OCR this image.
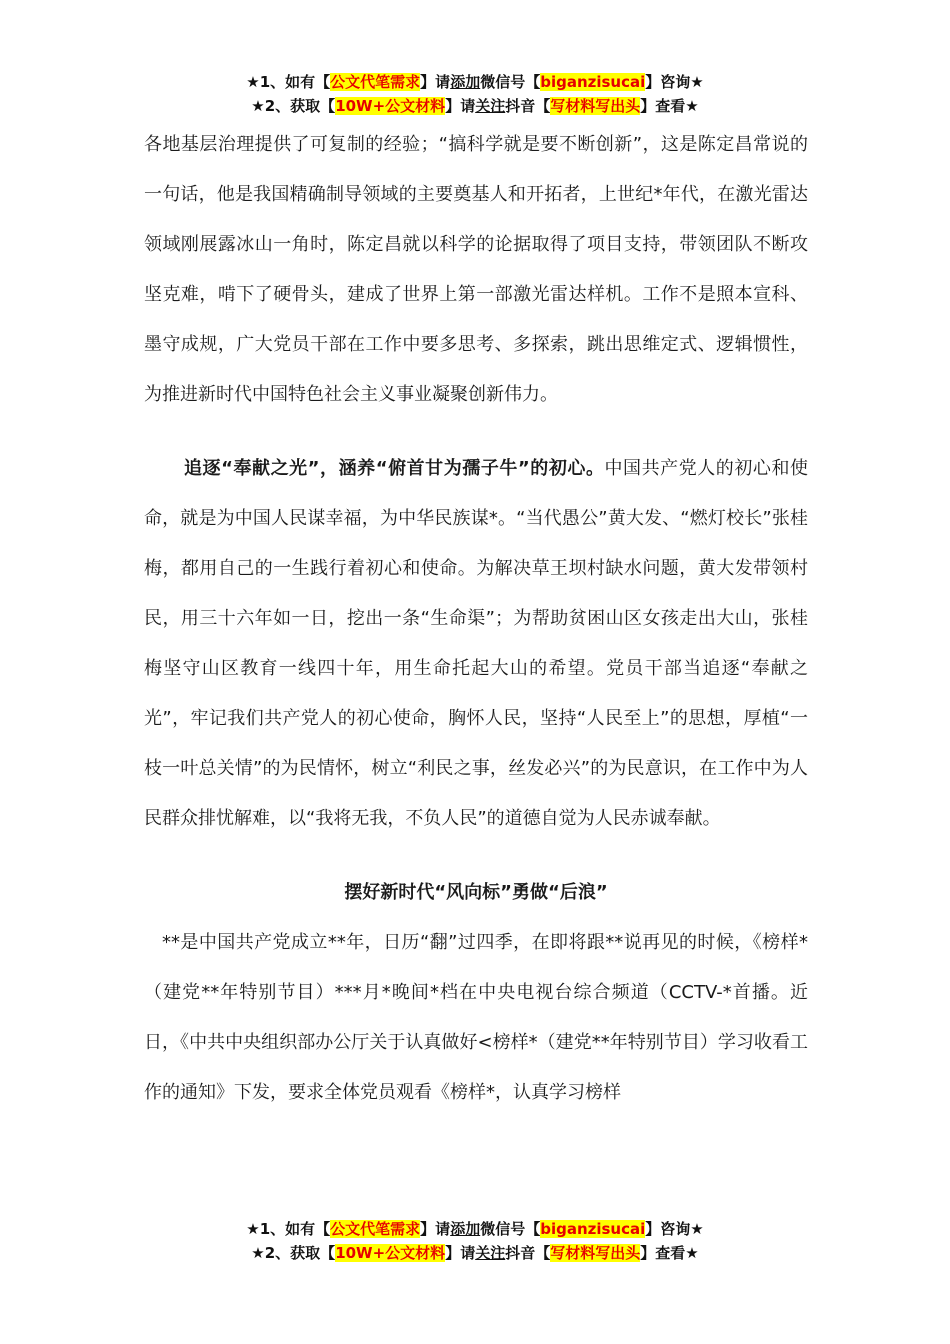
★1、如有【公文代笔需求】请添加微信号【biganzisucai】咨询★
★2、获取【10W+公文材料】请关注抖音【写材料写出头】查看★

各地基层治理提供了可复制的经验；“搞科学就是要不断创新”，这是陈定昌常说的一句话，他是我国精确制导领域的主要奠基人和开拓者，上世纪*年代，在激光雷达领域刚展露冰山一角时，陈定昌就以科学的论据取得了项目支持，带领团队不断攻坚克难，啃下了硬骨头，建成了世界上第一部激光雷达样机。工作不是照本宣科、墨守成规，广大党员干部在工作中要多思考、多探索，跳出思维定式、逻辑惯性，为推进新时代中国特色社会主义事业凝聚创新伟力。

追逐“奉献之光”，涵养“俯首甘为孺子牛”的初心。中国共产党人的初心和使命，就是为中国人民谋幸福，为中华民族谋*。“当代愚公”黄大发、“燃灯校长”张桂梅，都用自己的一生践行着初心和使命。为解决草王坝村缺水问题，黄大发带领村民，用三十六年如一日，挖出一条“生命渠”；为帮助贫困山区女孩走出大山，张桂梅坚守山区教育一线四十年，用生命托起大山的希望。党员干部当追逐“奉献之光”，牢记我们共产党人的初心使命，胸怀人民，坚持“人民至上”的思想，厚植“一枝一叶总关情”的为民情怀，树立“利民之事，丝发必兴”的为民意识，在工作中为人民群众排忧解难，以“我将无我，不负人民”的道德自觉为人民赤诚奉献。

摆好新时代“风向标”勇做“后浪”

**是中国共产党成立**年，日历“翻”过四季，在即将跟**说再见的时候，《榜样*（建党**年特别节目）***月*晚间*档在中央电视台综合频道（CCTV-*首播。近日，《中共中央组织部办公厅关于认真做好<榜样*（建党**年特别节目）学习收看工作的通知》下发，要求全体党员观看《榜样*，认真学习榜样

★1、如有【公文代笔需求】请添加微信号【biganzisucai】咨询★
★2、获取【10W+公文材料】请关注抖音【写材料写出头】查看★
